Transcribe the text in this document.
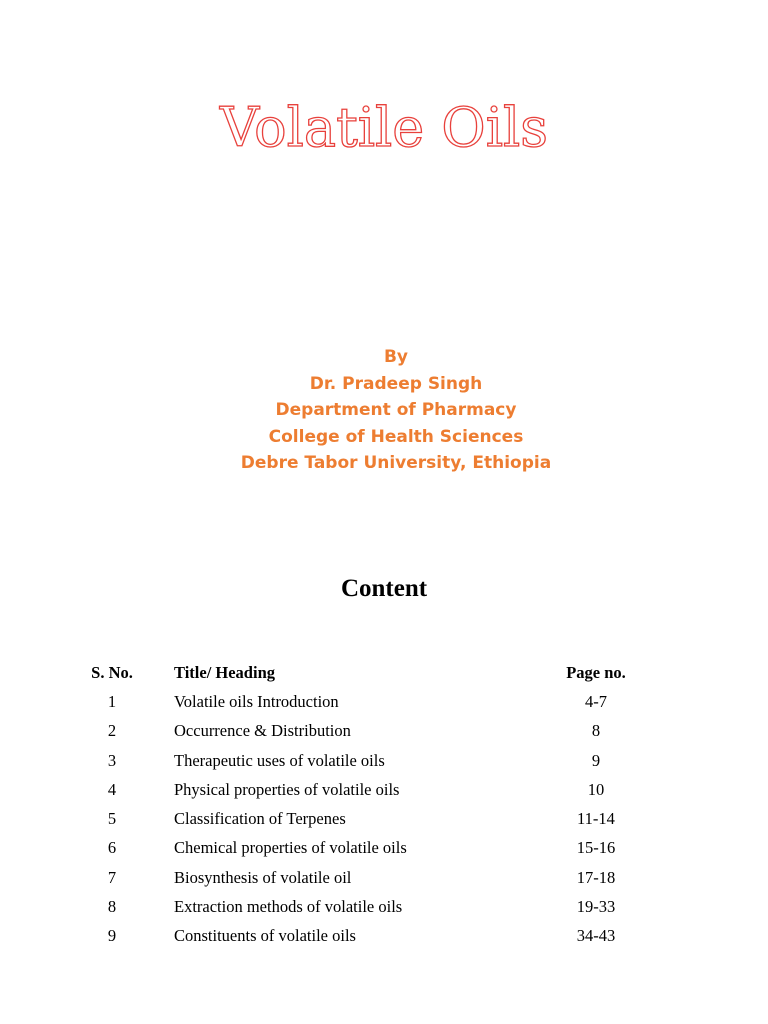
Volatile Oils
By
Dr. Pradeep Singh
Department of Pharmacy
College of Health Sciences
Debre Tabor University, Ethiopia
Content
S. No.	Title/ Heading	Page no.
1	Volatile oils Introduction	4-7
2	Occurrence & Distribution	8
3	Therapeutic uses of volatile oils	9
4	Physical properties of volatile oils	10
5	Classification of Terpenes	11-14
6	Chemical properties of volatile oils	15-16
7	Biosynthesis of volatile oil	17-18
8	Extraction methods of volatile oils	19-33
9	Constituents of volatile oils	34-43
